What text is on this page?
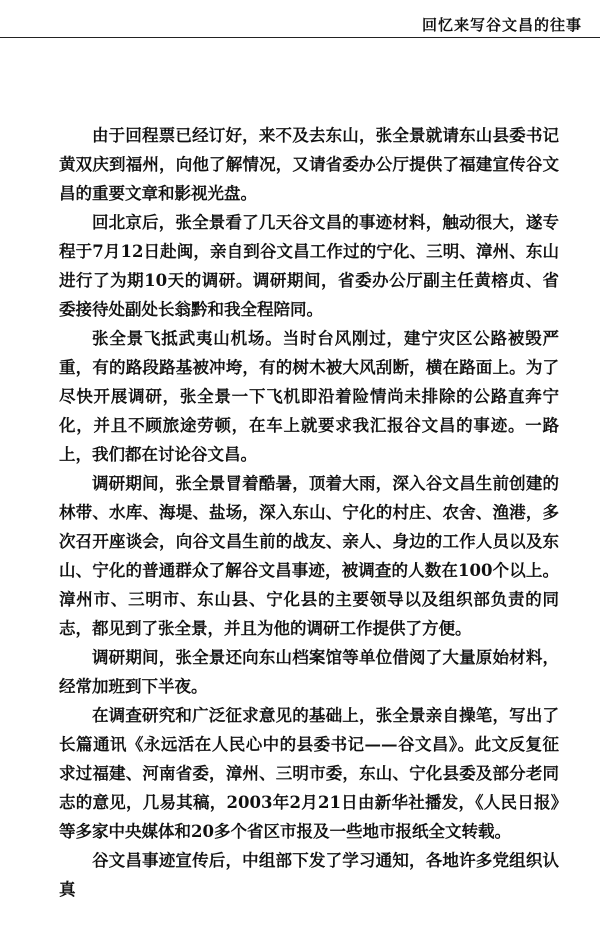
回忆来写谷文昌的往事

由于回程票已经订好，来不及去东山，张全景就请东山县委书记黄双庆到福州，向他了解情况，又请省委办公厅提供了福建宣传谷文昌的重要文章和影视光盘。

回北京后，张全景看了几天谷文昌的事迹材料，触动很大，遂专程于7月12日赴闽，亲自到谷文昌工作过的宁化、三明、漳州、东山进行了为期10天的调研。调研期间，省委办公厅副主任黄榕贞、省委接待处副处长翁黔和我全程陪同。

张全景飞抵武夷山机场。当时台风刚过，建宁灾区公路被毁严重，有的路段路基被冲垮，有的树木被大风刮断，横在路面上。为了尽快开展调研，张全景一下飞机即沿着险情尚未排除的公路直奔宁化，并且不顾旅途劳顿，在车上就要求我汇报谷文昌的事迹。一路上，我们都在讨论谷文昌。

调研期间，张全景冒着酷暑，顶着大雨，深入谷文昌生前创建的林带、水库、海堤、盐场，深入东山、宁化的村庄、农舍、渔港，多次召开座谈会，向谷文昌生前的战友、亲人、身边的工作人员以及东山、宁化的普通群众了解谷文昌事迹，被调查的人数在100个以上。漳州市、三明市、东山县、宁化县的主要领导以及组织部负责的同志，都见到了张全景，并且为他的调研工作提供了方便。

调研期间，张全景还向东山档案馆等单位借阅了大量原始材料，经常加班到下半夜。

在调查研究和广泛征求意见的基础上，张全景亲自操笔，写出了长篇通讯《永远活在人民心中的县委书记——谷文昌》。此文反复征求过福建、河南省委，漳州、三明市委，东山、宁化县委及部分老同志的意见，几易其稿，2003年2月21日由新华社播发，《人民日报》等多家中央媒体和20多个省区市报及一些地市报纸全文转载。

谷文昌事迹宣传后，中组部下发了学习通知，各地许多党组织认真
